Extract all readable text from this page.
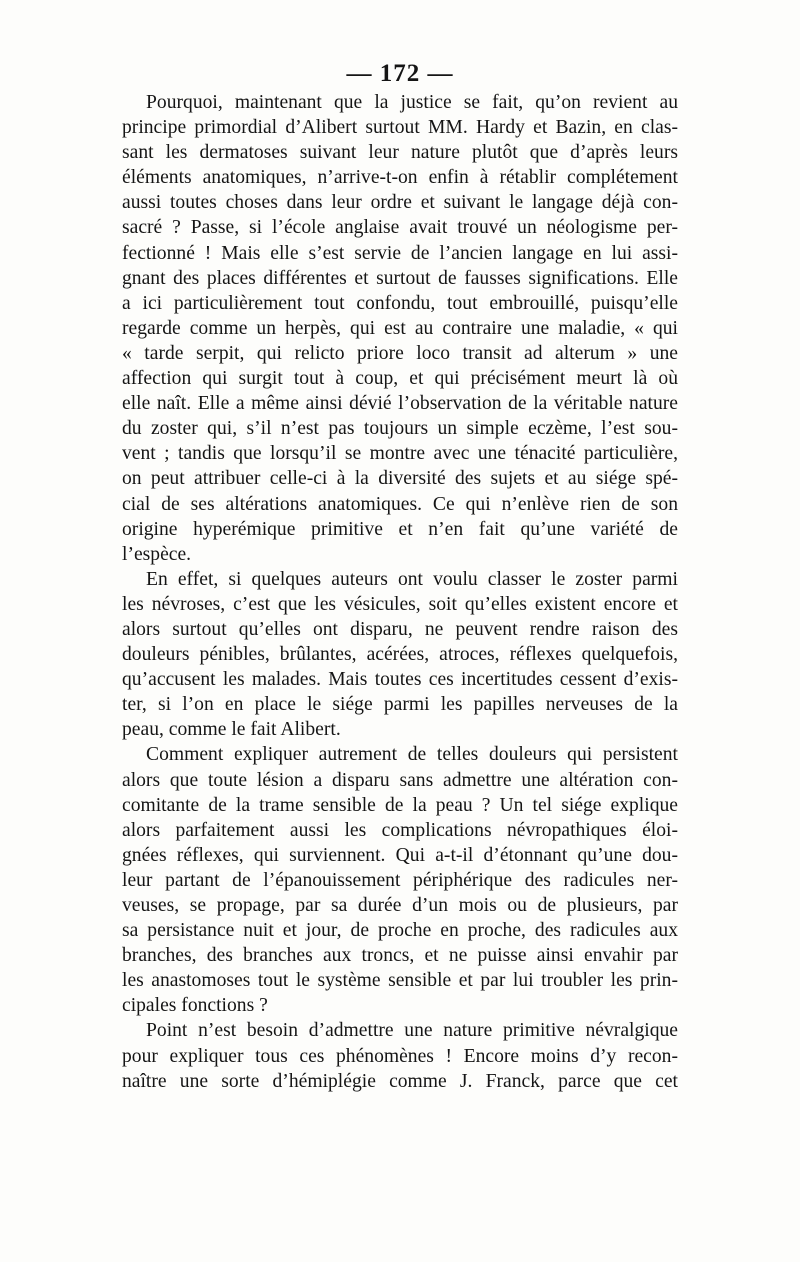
— 172 —
Pourquoi, maintenant que la justice se fait, qu’on revient au
principe primordial d’Alibert surtout MM. Hardy et Bazin, en clas-
sant les dermatoses suivant leur nature plutôt que d’après leurs
éléments anatomiques, n’arrive-t-on enfin à rétablir complétement
aussi toutes choses dans leur ordre et suivant le langage déjà con-
sacré ? Passe, si l’école anglaise avait trouvé un néologisme per-
fectionné ! Mais elle s’est servie de l’ancien langage en lui assi-
gnant des places différentes et surtout de fausses significations. Elle
a ici particulièrement tout confondu, tout embrouillé, puisqu’elle
regarde comme un herpès, qui est au contraire une maladie, « qui
« tarde serpit, qui relicto priore loco transit ad alterum » une
affection qui surgit tout à coup, et qui précisément meurt là où
elle naît. Elle a même ainsi dévié l’observation de la véritable nature
du zoster qui, s’il n’est pas toujours un simple eczème, l’est sou-
vent ; tandis que lorsqu’il se montre avec une ténacité particulière,
on peut attribuer celle-ci à la diversité des sujets et au siége spé-
cial de ses altérations anatomiques. Ce qui n’enlève rien de son
origine hyperémique primitive et n’en fait qu’une variété de
l’espèce.
En effet, si quelques auteurs ont voulu classer le zoster parmi
les névroses, c’est que les vésicules, soit qu’elles existent encore et
alors surtout qu’elles ont disparu, ne peuvent rendre raison des
douleurs pénibles, brûlantes, acérées, atroces, réflexes quelquefois,
qu’accusent les malades. Mais toutes ces incertitudes cessent d’exis-
ter, si l’on en place le siége parmi les papilles nerveuses de la
peau, comme le fait Alibert.
Comment expliquer autrement de telles douleurs qui persistent
alors que toute lésion a disparu sans admettre une altération con-
comitante de la trame sensible de la peau ? Un tel siége explique
alors parfaitement aussi les complications névropathiques éloi-
gnées réflexes, qui surviennent. Qui a-t-il d’étonnant qu’une dou-
leur partant de l’épanouissement périphérique des radicules ner-
veuses, se propage, par sa durée d’un mois ou de plusieurs, par
sa persistance nuit et jour, de proche en proche, des radicules aux
branches, des branches aux troncs, et ne puisse ainsi envahir par
les anastomoses tout le système sensible et par lui troubler les prin-
cipales fonctions ?
Point n’est besoin d’admettre une nature primitive névralgique
pour expliquer tous ces phénomènes ! Encore moins d’y recon-
naître une sorte d’hémiplégie comme J. Franck, parce que cet
